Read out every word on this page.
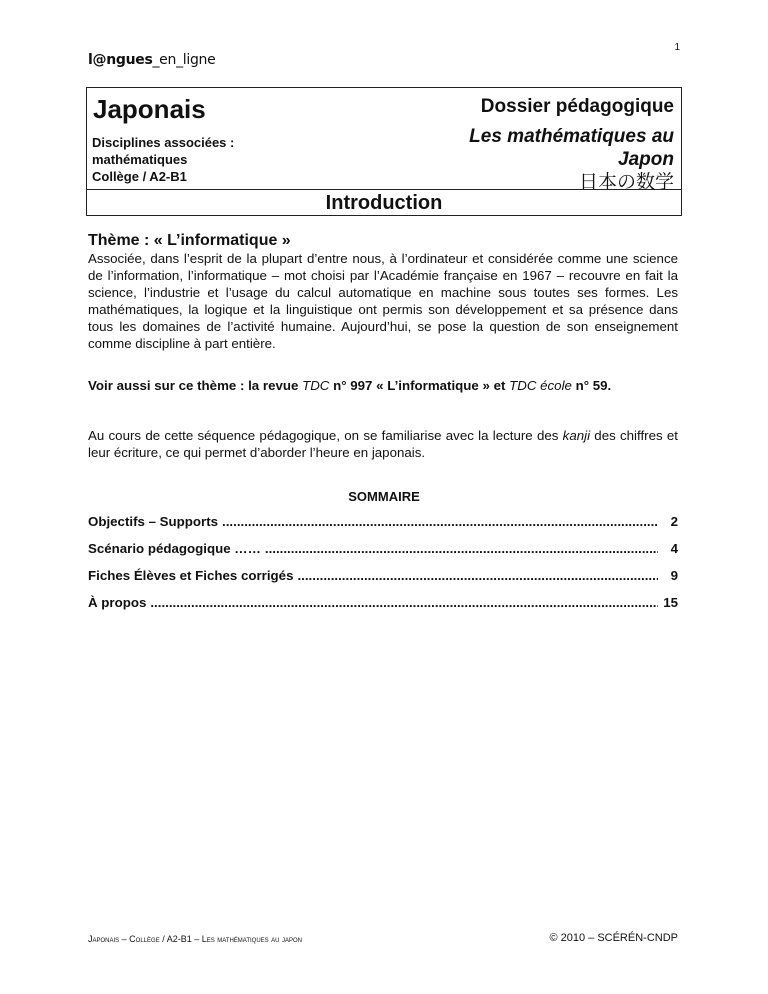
1
l@ngues_en_ligne
Japonais
Disciplines associées :
mathématiques
Collège / A2-B1
Dossier pédagogique
Les mathématiques au Japon
日本の数学
Introduction
Thème : « L’informatique »
Associée, dans l’esprit de la plupart d’entre nous, à l’ordinateur et considérée comme une science de l’information, l’informatique – mot choisi par l’Académie française en 1967 – recouvre en fait la science, l’industrie et l’usage du calcul automatique en machine sous toutes ses formes. Les mathématiques, la logique et la linguistique ont permis son développement et sa présence dans tous les domaines de l’activité humaine. Aujourd’hui, se pose la question de son enseignement comme discipline à part entière.
Voir aussi sur ce thème : la revue TDC n° 997 « L’informatique » et TDC école n° 59.
Au cours de cette séquence pédagogique, on se familiarise avec la lecture des kanji des chiffres et leur écriture, ce qui permet d’aborder l’heure en japonais.
SOMMAIRE
Objectifs – Supports .....	2
Scénario pédagogique …… .....	4
Fiches Élèves et Fiches corrigés .....	9
À propos .....	15
Japonais – Collège / A2-B1 – Les mathématiques au japon	© 2010 – SCÉRÉN-CNDP
